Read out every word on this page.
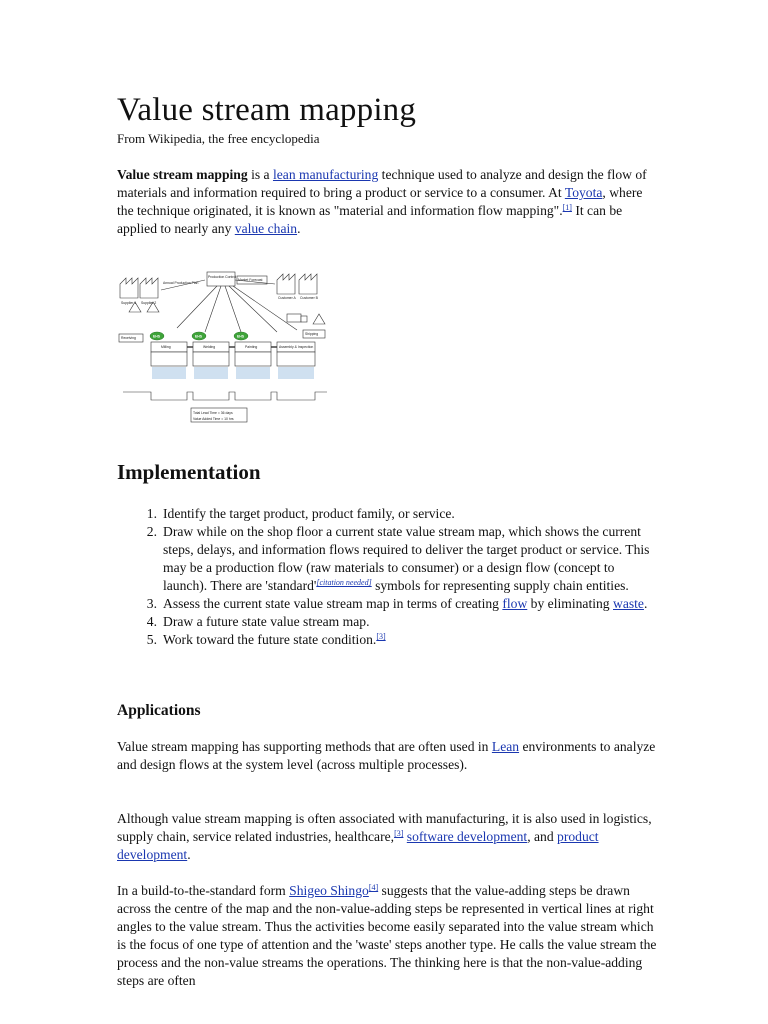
Value stream mapping
From Wikipedia, the free encyclopedia

Value stream mapping is a lean manufacturing technique used to analyze and design the flow of materials and information required to bring a product or service to a consumer. At Toyota, where the technique originated, it is known as "material and information flow mapping".[1] It can be applied to nearly any value chain.

Supplier 1 Supplier 2
Production Control
Market Forecast
Customer A Customer B
Annual Production Plan
Receiving
Shipping
Milling	Welding	Painting	Assembly & Inspection
Total Lead Time = 36 days
Value Added Time = 10 hrs
EHS	EHS	EHS
Implementation
1. Identify the target product, product family, or service.
2. Draw while on the shop floor a current state value stream map, which shows the current steps, delays, and information flows required to deliver the target product or service. This may be a production flow (raw materials to consumer) or a design flow (concept to launch). There are 'standard'[citation needed] symbols for representing supply chain entities.
3. Assess the current state value stream map in terms of creating flow by eliminating waste.
4. Draw a future state value stream map.
5. Work toward the future state condition.[3]
Applications

Value stream mapping has supporting methods that are often used in Lean environments to analyze and design flows at the system level (across multiple processes).

Although value stream mapping is often associated with manufacturing, it is also used in logistics, supply chain, service related industries, healthcare,[3] software development, and product development.

In a build-to-the-standard form Shigeo Shingo[4] suggests that the value-adding steps be drawn across the centre of the map and the non-value-adding steps be represented in vertical lines at right angles to the value stream. Thus the activities become easily separated into the value stream which is the focus of one type of attention and the 'waste' steps another type. He calls the value stream the process and the non-value streams the operations. The thinking here is that the non-value-adding steps are often
